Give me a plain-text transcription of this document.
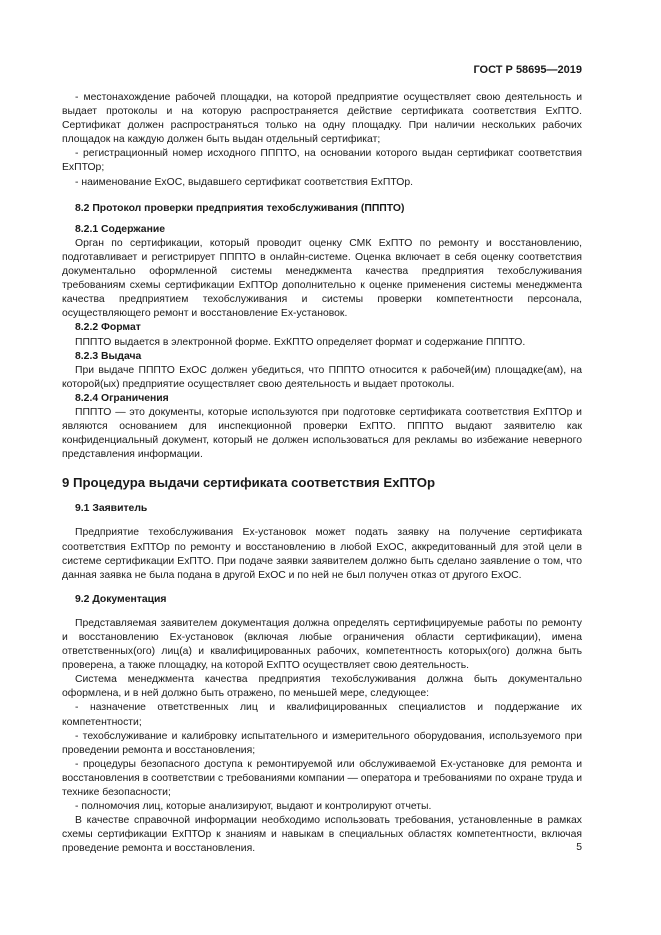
ГОСТ Р 58695—2019

- местонахождение рабочей площадки, на которой предприятие осуществляет свою деятельность и выдает протоколы и на которую распространяется действие сертификата соответствия ExПТО. Сертификат должен распространяться только на одну площадку. При наличии нескольких рабочих площадок на каждую должен быть выдан отдельный сертификат;

- регистрационный номер исходного ПППТО, на основании которого выдан сертификат соответствия ExПТОр;

- наименование ExОС, выдавшего сертификат соответствия ExПТОр.

8.2 Протокол проверки предприятия техобслуживания (ПППТО)
8.2.1 Содержание

Орган по сертификации, который проводит оценку СМК ExПТО по ремонту и восстановлению, подготавливает и регистрирует ПППТО в онлайн-системе. Оценка включает в себя оценку соответствия документально оформленной системы менеджмента качества предприятия техобслуживания требованиям схемы сертификации ExПТОр дополнительно к оценке применения системы менеджмента качества предприятием техобслуживания и системы проверки компетентности персонала, осуществляющего ремонт и восстановление Ex-установок.

8.2.2 Формат

ПППТО выдается в электронной форме. ExКПТО определяет формат и содержание ПППТО.

8.2.3 Выдача

При выдаче ПППТО ExОС должен убедиться, что ПППТО относится к рабочей(им) площадке(ам), на которой(ых) предприятие осуществляет свою деятельность и выдает протоколы.

8.2.4 Ограничения

ПППТО — это документы, которые используются при подготовке сертификата соответствия ExПТОр и являются основанием для инспекционной проверки ExПТО. ПППТО выдают заявителю как конфиденциальный документ, который не должен использоваться для рекламы во избежание неверного представления информации.

9 Процедура выдачи сертификата соответствия ExПТОр
9.1 Заявитель

Предприятие техобслуживания Ex-установок может подать заявку на получение сертификата соответствия ExПТОр по ремонту и восстановлению в любой ExОС, аккредитованный для этой цели в системе сертификации ExПТО. При подаче заявки заявителем должно быть сделано заявление о том, что данная заявка не была подана в другой ExОС и по ней не был получен отказ от другого ExОС.

9.2 Документация

Представляемая заявителем документация должна определять сертифицируемые работы по ремонту и восстановлению Ex-установок (включая любые ограничения области сертификации), имена ответственных(ого) лиц(а) и квалифицированных рабочих, компетентность которых(ого) должна быть проверена, а также площадку, на которой ExПТО осуществляет свою деятельность.

Система менеджмента качества предприятия техобслуживания должна быть документально оформлена, и в ней должно быть отражено, по меньшей мере, следующее:

- назначение ответственных лиц и квалифицированных специалистов и поддержание их компетентности;

- техобслуживание и калибровку испытательного и измерительного оборудования, используемого при проведении ремонта и восстановления;

- процедуры безопасного доступа к ремонтируемой или обслуживаемой Ex-установке для ремонта и восстановления в соответствии с требованиями компании — оператора и требованиями по охране труда и технике безопасности;

- полномочия лиц, которые анализируют, выдают и контролируют отчеты.

В качестве справочной информации необходимо использовать требования, установленные в рамках схемы сертификации ExПТОр к знаниям и навыкам в специальных областях компетентности, включая проведение ремонта и восстановления.	5
